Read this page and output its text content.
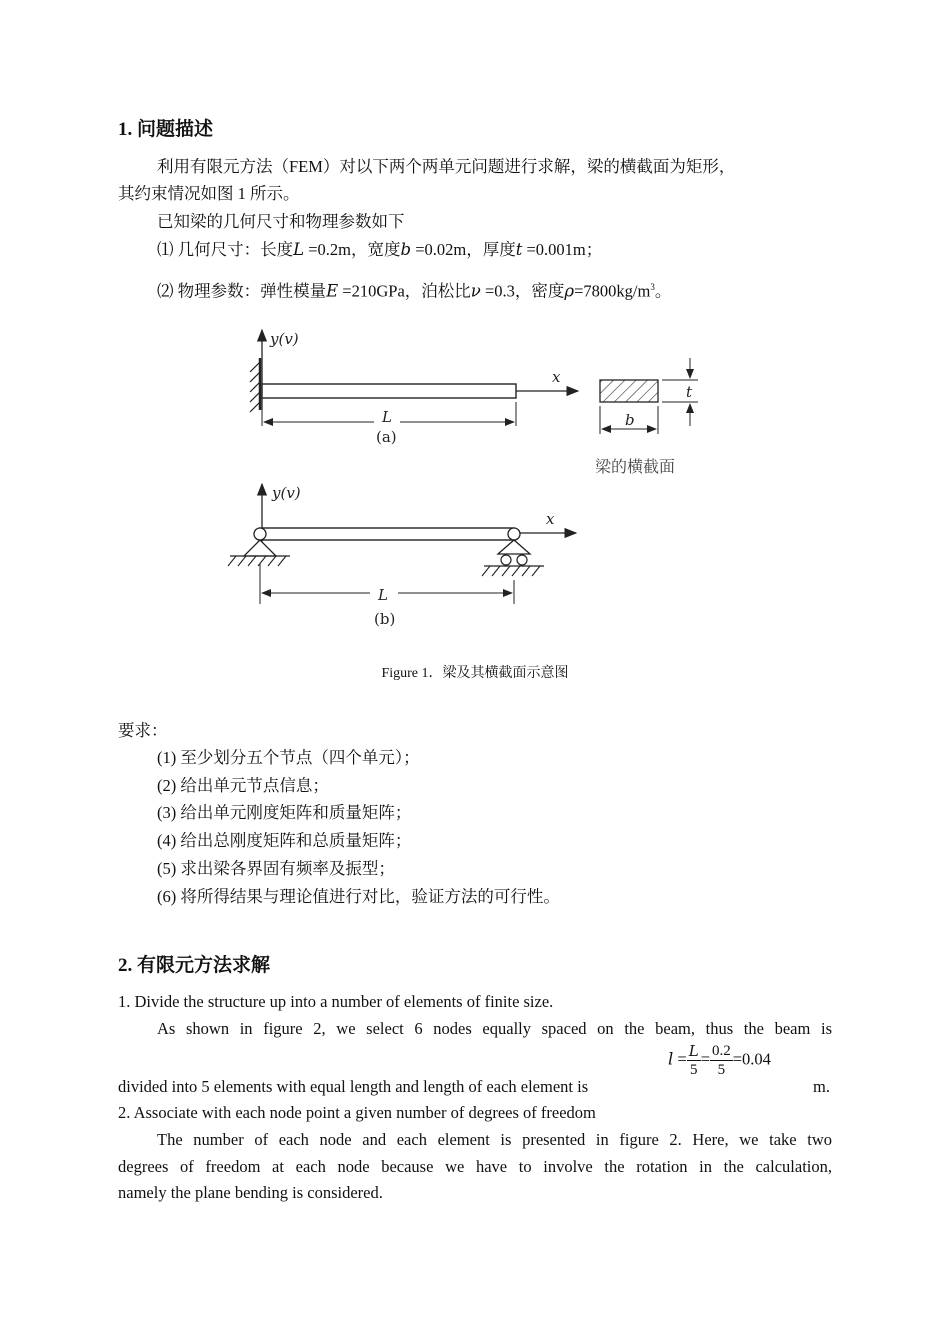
1. 问题描述
利用有限元方法（FEM）对以下两个两单元问题进行求解，梁的横截面为矩形，
其约束情况如图 1 所示。
已知梁的几何尺寸和物理参数如下
⑴ 几何尺寸：长度L =0.2m，宽度b =0.02m，厚度t =0.001m；
⑵ 物理参数：弹性模量E =210GPa，泊松比ν =0.3，密度$\rho=7800kg/m^3$。
y(v)
x
L
(a)
b
t
梁的横截面
y(v)
x
L
(b)
Figure 1．梁及其横截面示意图
要求：
(1) 至少划分五个节点（四个单元）；
(2) 给出单元节点信息；
(3) 给出单元刚度矩阵和质量矩阵；
(4) 给出总刚度矩阵和总质量矩阵；
(5) 求出梁各界固有频率及振型；
(6) 将所得结果与理论值进行对比，验证方法的可行性。
2. 有限元方法求解
1. Divide the structure up into a number of elements of finite size.
As shown in figure 2, we select 6 nodes equally spaced on the beam, thus the beam is
divided into 5 elements with equal length and length of each element is
$l = \frac{L}{5} = \frac{0.2}{5} =0.04$
m.
2. Associate with each node point a given number of degrees of freedom
The number of each node and each element is presented in figure 2. Here, we take two
degrees of freedom at each node because we have to involve the rotation in the calculation,
namely the plane bending is considered.
